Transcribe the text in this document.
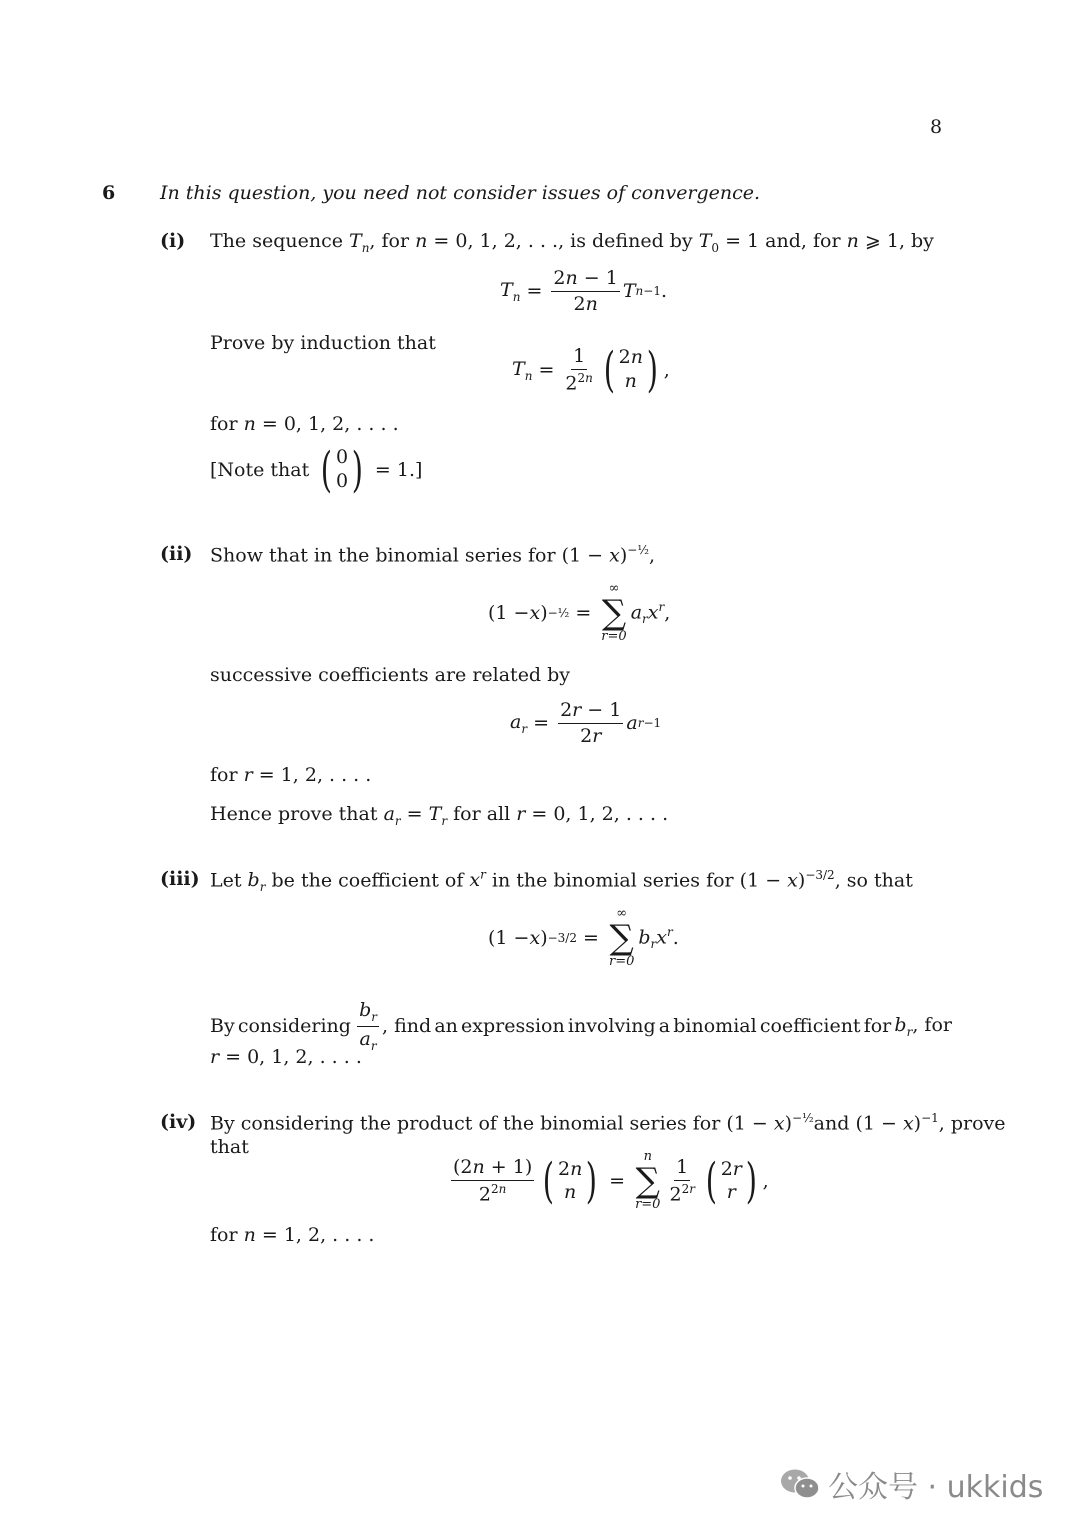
8
6 In this question, you need not consider issues of convergence.
(i) The sequence $T_n$, for n = 0, 1, 2, . . ., is defined by $T_0 = 1$ and, for n ⩾ 1, by
$T_n = \frac{2n - 1}{2n}$ T n−1 .
Prove by induction that
$T_n = \frac{1}{2^{2n}}$ ( 2n
n ) ,
for n = 0, 1, 2, . . . .
[Note that
( 0
0 )
= 1.]
(ii) Show that in the binomial series for $(1 - x)^{-\frac{1}{2}}$,
(1 − x ) −½ =
∞
∑
r=0
$a_rx^r$ ,
successive coefficients are related by
$a_r = \frac{2r - 1}{2r}$ a r−1
for r = 1, 2, . . . .
Hence prove that $a_r = T_r$ for all r = 0, 1, 2, . . . .
(iii) Let $b_r$ be the coefficient of $x^r$ in the binomial series for $(1 - x)^{-3/2}$, so that
(1 − x ) −3/2 =
∞
∑
r=0
$b_rx^r$ .
By considering $\frac{b_r}{a_r}$ , find an expression involving a binomial coefficient for $b_r$, for
r = 0, 1, 2, . . . .
(iv) By considering the product of the binomial series for $(1 - x)^{-\frac{1}{2}}$ and $(1 - x)^{-1}$, prove
that
$\frac{(2n + 1)}{2^{2n}}$ ( 2n
n ) =
n
∑
$r=0 \frac{1}{2^{2r}}$ ( 2r
r ) ,
for n = 1, 2, . . . .
公众号 · ukkids
